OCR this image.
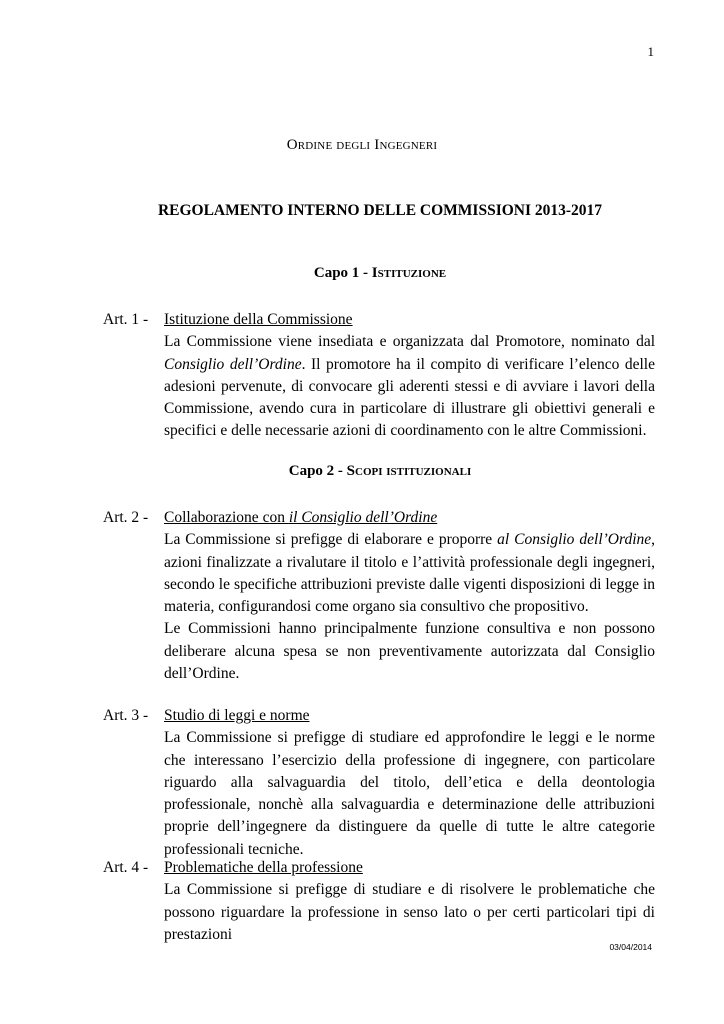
1
Ordine degli Ingegneri
REGOLAMENTO INTERNO DELLE COMMISSIONI 2013-2017
Capo 1 - Istituzione
Art. 1 - Istituzione della Commissione

La Commissione viene insediata e organizzata dal Promotore, nominato dal Consiglio dell’Ordine. Il promotore ha il compito di verificare l’elenco delle adesioni pervenute, di convocare gli aderenti stessi e di avviare i lavori della Commissione, avendo cura in particolare di illustrare gli obiettivi generali e specifici e delle necessarie azioni di coordinamento con le altre Commissioni.

Capo 2 - Scopi istituzionali
Art. 2 - Collaborazione con il Consiglio dell’Ordine

La Commissione si prefigge di elaborare e proporre al Consiglio dell’Ordine, azioni finalizzate a rivalutare il titolo e l’attività professionale degli ingegneri, secondo le specifiche attribuzioni previste dalle vigenti disposizioni di legge in materia, configurandosi come organo sia consultivo che propositivo.

Le Commissioni hanno principalmente funzione consultiva e non possono deliberare alcuna spesa se non preventivamente autorizzata dal Consiglio dell’Ordine.

Art. 3 - Studio di leggi e norme

La Commissione si prefigge di studiare ed approfondire le leggi e le norme che interessano l’esercizio della professione di ingegnere, con particolare riguardo alla salvaguardia del titolo, dell’etica e della deontologia professionale, nonchè alla salvaguardia e determinazione delle attribuzioni proprie dell’ingegnere da distinguere da quelle di tutte le altre categorie professionali tecniche.

Art. 4 - Problematiche della professione

La Commissione si prefigge di studiare e di risolvere le problematiche che possono riguardare la professione in senso lato o per certi particolari tipi di prestazioni

03/04/2014
